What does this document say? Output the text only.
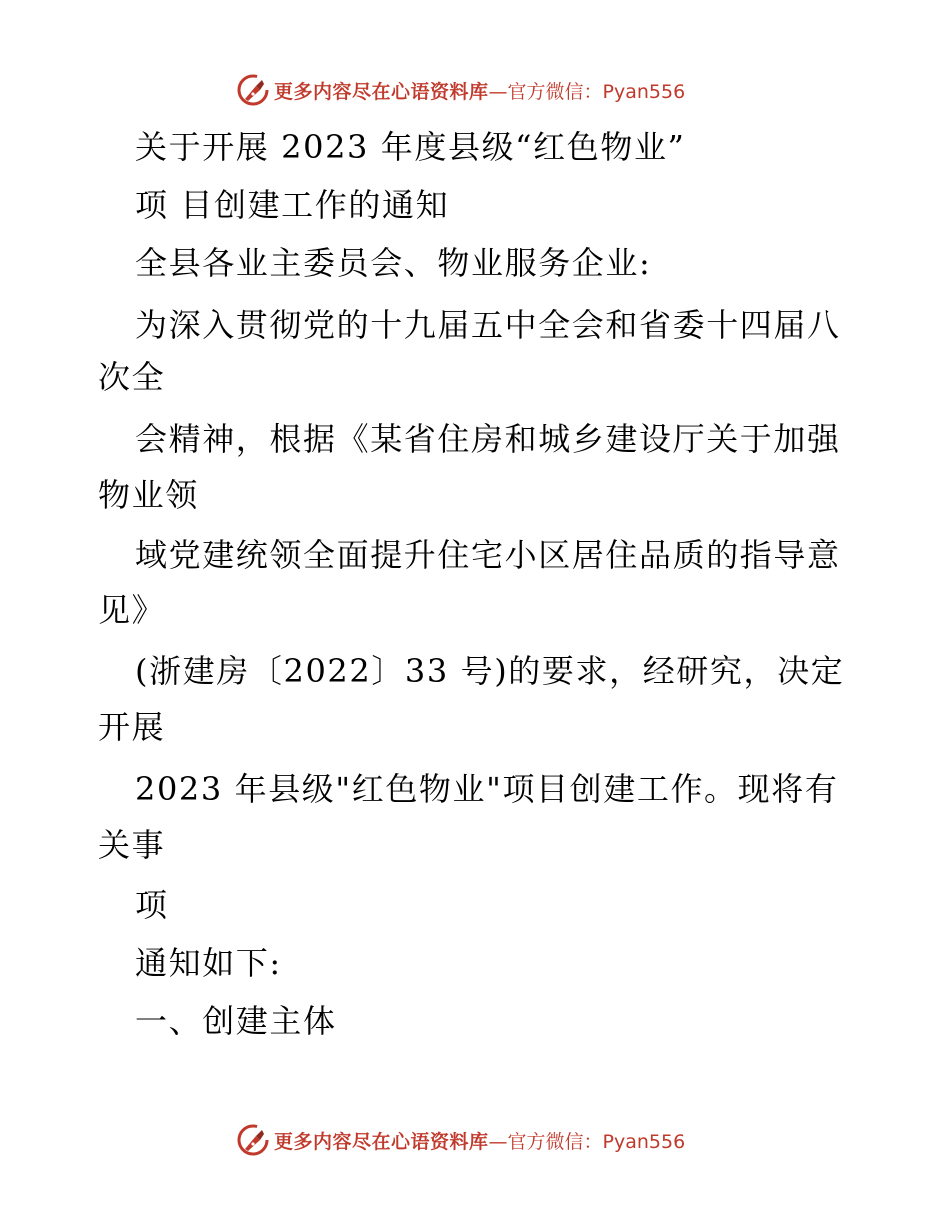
更多内容尽在心语资料库 —官方微信：Pyan556
关于开展 2023 年度县级“红色物业”
项 目创建工作的通知
全县各业主委员会、物业服务企业:
为深入贯彻党的十九届五中全会和省委十四届八
次全
会精神，根据《某省住房和城乡建设厅关于加强
物业领
域党建统领全面提升住宅小区居住品质的指导意
见》
(浙建房〔2022〕33 号)的要求，经研究，决定
开展
2023 年县级"红色物业"项目创建工作。现将有
关事
项
通知如下:
一、创建主体
更多内容尽在心语资料库 —官方微信：Pyan556
